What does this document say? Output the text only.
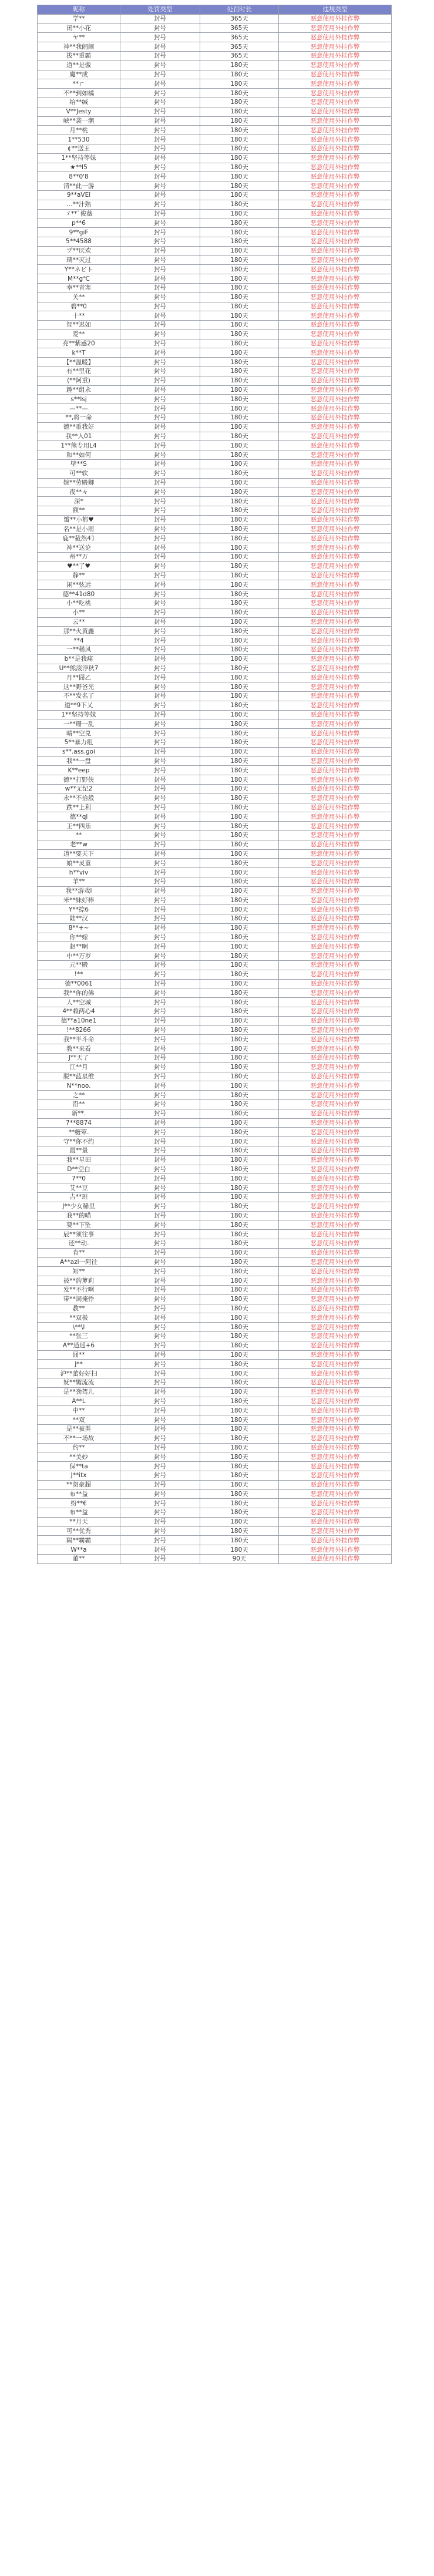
昵称	处罚类型	处罚时长	违规类型
学**	封号	365天	恶意使用外挂作弊
闭**小花	封号	365天	恶意使用外挂作弊
ヤ**	封号	365天	恶意使用外挂作弊
神**我闹闹	封号	365天	恶意使用外挂作弊
拔**重霸	封号	365天	恶意使用外挂作弊
道**是傲	封号	180天	恶意使用外挂作弊
魔**成	封号	180天	恶意使用外挂作弊
**ㄏ	封号	180天	恶意使用外挂作弊
不**到如橘	封号	180天	恶意使用外挂作弊
给**缄	封号	180天	恶意使用外挂作弊
V**Jesty	封号	180天	恶意使用外挂作弊
峡**袭一潮	封号	180天	恶意使用外挂作弊
月**桃	封号	180天	恶意使用外挂作弊
1**530	封号	180天	恶意使用外挂作弊
¢**送王	封号	180天	恶意使用外挂作弊
1**坚持等妹	封号	180天	恶意使用外挂作弊
★**l5	封号	180天	恶意使用外挂作弊
8**0'8	封号	180天	恶意使用外挂作弊
清**此一游	封号	180天	恶意使用外挂作弊
9**aVEl	封号	180天	恶意使用外挂作弊
…**汁熟	封号	180天	恶意使用外挂作弊
ゞ**`俊薇	封号	180天	恶意使用外挂作弊
p**6	封号	180天	恶意使用外挂作弊
9**giF	封号	180天	恶意使用外挂作弊
5**4588	封号	180天	恶意使用外挂作弊
プ**厌欢	封号	180天	恶意使用外挂作弊
璃**灭过	封号	180天	恶意使用外挂作弊
Y**ネビト	封号	180天	恶意使用外挂作弊
M**g℃	封号	180天	恶意使用外挂作弊
幸**青寒	封号	180天	恶意使用外挂作弊
关**	封号	180天	恶意使用外挂作弊
碧**0	封号	180天	恶意使用外挂作弊
十**	封号	180天	恶意使用外挂作弊
智**迟如	封号	180天	恶意使用外挂作弊
爱**	封号	180天	恶意使用外挂作弊
亮**紫感20	封号	180天	恶意使用外挂作弊
k**T	封号	180天	恶意使用外挂作弊
【**温暖】	封号	180天	恶意使用外挂作弊
有**里花	封号	180天	恶意使用外挂作弊
(**阿重)	封号	180天	恶意使用外挂作弊
趣**组永	封号	180天	恶意使用外挂作弊
s**lsj	封号	180天	恶意使用外挂作弊
—**—	封号	180天	恶意使用外挂作弊
**,将一命	封号	180天	恶意使用外挂作弊
德**重我好	封号	180天	恶意使用外挂作弊
我**入01	封号	180天	恶意使用外挂作弊
1**熊专用L4	封号	180天	恶意使用外挂作弊
和**如何	封号	180天	恶意使用外挂作弊
壁**S	封号	180天	恶意使用外挂作弊
可**软	封号	180天	恶意使用外挂作弊
婉**劳殿卿	封号	180天	恶意使用外挂作弊
夜**々	封号	180天	恶意使用外挂作弊
深*	封号	180天	恶意使用外挂作弊
额**	封号	180天	恶意使用外挂作弊
瓣**小都♥	封号	180天	恶意使用外挂作弊
名**是小雨	封号	180天	恶意使用外挂作弊
鹿**截然41	封号	180天	恶意使用外挂作弊
神**送论	封号	180天	恶意使用外挂作弊
州**万	封号	180天	恶意使用外挂作弊
♥**了♥	封号	180天	恶意使用外挂作弊
静**	封号	180天	恶意使用外挂作弊
闲**弦远	封号	180天	恶意使用外挂作弊
德**41d80	封号	180天	恶意使用外挂作弊
小**吃桃	封号	180天	恶意使用外挂作弊
小**	封号	180天	恶意使用外挂作弊
云**	封号	180天	恶意使用外挂作弊
那**火黄鑫	封号	180天	恶意使用外挂作弊
**4	封号	180天	恶意使用外挂作弊
一**稀风	封号	180天	恶意使用外挂作弊
b**是我痛	封号	180天	恶意使用外挂作弊
U**熊滚浮秋7	封号	180天	恶意使用外挂作弊
月**囧乙	封号	180天	恶意使用外挂作弊
这**野爸光	封号	180天	恶意使用外挂作弊
不**发名了	封号	180天	恶意使用外挂作弊
道**9下乂	封号	180天	恶意使用外挂作弊
1**坚持等妹	封号	180天	恶意使用外挂作弊
一**珊一乱	封号	180天	恶意使用外挂作弊
晴**空兑	封号	180天	恶意使用外挂作弊
5**暴力组	封号	180天	恶意使用外挂作弊
s**.ass.goi	封号	180天	恶意使用外挂作弊
我**一盘	封号	180天	恶意使用外挂作弊
K**eep	封号	180天	恶意使用外挂作弊
德**打野侠	封号	180天	恶意使用外挂作弊
w**无纪2	封号	180天	恶意使用外挂作弊
永**不拾般	封号	180天	恶意使用外挂作弊
跌**上利	封号	180天	恶意使用外挂作弊
德**ql	封号	180天	恶意使用外挂作弊
王**四乐	封号	180天	恶意使用外挂作弊
**	封号	180天	恶意使用外挂作弊
老**w	封号	180天	恶意使用外挂作弊
道**要天下	封号	180天	恶意使用外挂作弊
娘**灵童	封号	180天	恶意使用外挂作弊
h**viv	封号	180天	恶意使用外挂作弊
羊**	封号	180天	恶意使用外挂作弊
我**游戏l	封号	180天	恶意使用外挂作弊
米**妹好棒	封号	180天	恶意使用外挂作弊
Y**捺6	封号	180天	恶意使用外挂作弊
陆**汉	封号	180天	恶意使用外挂作弊
8**+~	封号	180天	恶意使用外挂作弊
你**嫁	封号	180天	恶意使用外挂作弊
赵**啊	封号	180天	恶意使用外挂作弊
中**万岁	封号	180天	恶意使用外挂作弊
元**殿	封号	180天	恶意使用外挂作弊
!**	封号	180天	恶意使用外挂作弊
德**0061	封号	180天	恶意使用外挂作弊
我**你的佛	封号	180天	恶意使用外挂作弊
人**空城	封号	180天	恶意使用外挂作弊
4**赖两心4	封号	180天	恶意使用外挂作弊
德**a10ne1	封号	180天	恶意使用外挂作弊
!**8266	封号	180天	恶意使用外挂作弊
我**半斗命	封号	180天	恶意使用外挂作弊
教**来看	封号	180天	恶意使用外挂作弊
J**天了	封号	180天	恶意使用外挂作弊
江**月	封号	180天	恶意使用外挂作弊
脱**蓝星维	封号	180天	恶意使用外挂作弊
N**noo.	封号	180天	恶意使用外挂作弊
之**	封号	180天	恶意使用外挂作弊
沿**	封号	180天	恶意使用外挂作弊
新**.	封号	180天	恶意使用外挂作弊
7**8874	封号	180天	恶意使用外挂作弊
**糖荤.	封号	180天	恶意使用外挂作弊
守**你不约	封号	180天	恶意使用外挂作弊
最**量	封号	180天	恶意使用外挂作弊
我**星田	封号	180天	恶意使用外挂作弊
D**空白	封号	180天	恶意使用外挂作弊
7**0	封号	180天	恶意使用外挂作弊
艾**豆	封号	180天	恶意使用外挂作弊
吉**班	封号	180天	恶意使用外挂作弊
J**少女稀里	封号	180天	恶意使用外挂作弊
我**的喵	封号	180天	恶意使用外挂作弊
要**下坠	封号	180天	恶意使用外挂作弊
辰**须往事	封号	180天	恶意使用外挂作弊
还**动.	封号	180天	恶意使用外挂作弊
肯**	封号	180天	恶意使用外挂作弊
A**azi一阿往	封号	180天	恶意使用外挂作弊
知**	封号	180天	恶意使用外挂作弊
被**韵萝莉	封号	180天	恶意使用外挂作弊
发**不行啊	封号	180天	恶意使用外挂作弊
带**词掩悸	封号	180天	恶意使用外挂作弊
教**	封号	180天	恶意使用外挂作弊
**双极	封号	180天	恶意使用外挂作弊
\**\l	封号	180天	恶意使用外挂作弊
**张三	封号	180天	恶意使用外挂作弊
A**逍遥+6	封号	180天	恶意使用外挂作弊
囧**	封号	180天	恶意使用外挂作弊
J**	封号	180天	恶意使用外挂作弊
沪**蕾好好扫	封号	180天	恶意使用外挂作弊
妩**媚流流	封号	180天	恶意使用外挂作弊
是**劲驾儿	封号	180天	恶意使用外挂作弊
A**L	封号	180天	恶意使用外挂作弊
中**	封号	180天	恶意使用外挂作弊
**双	封号	180天	恶意使用外挂作弊
是**被粪	封号	180天	恶意使用外挂作弊
不**一场故	封号	180天	恶意使用外挂作弊
约**	封号	180天	恶意使用外挂作弊
**美妙	封号	180天	恶意使用外挂作弊
保**ta	封号	180天	恶意使用外挂作弊
J**itx	封号	180天	恶意使用外挂作弊
**贺豪超	封号	180天	恶意使用外挂作弊
布**益	封号	180天	恶意使用外挂作弊
纷**€	封号	180天	恶意使用外挂作弊
布**益	封号	180天	恶意使用外挂作弊
**月天	封号	180天	恶意使用外挂作弊
可**优秀	封号	180天	恶意使用外挂作弊
隔**霸霸	封号	180天	恶意使用外挂作弊
W**a	封号	180天	恶意使用外挂作弊
董**	封号	90天	恶意使用外挂作弊
